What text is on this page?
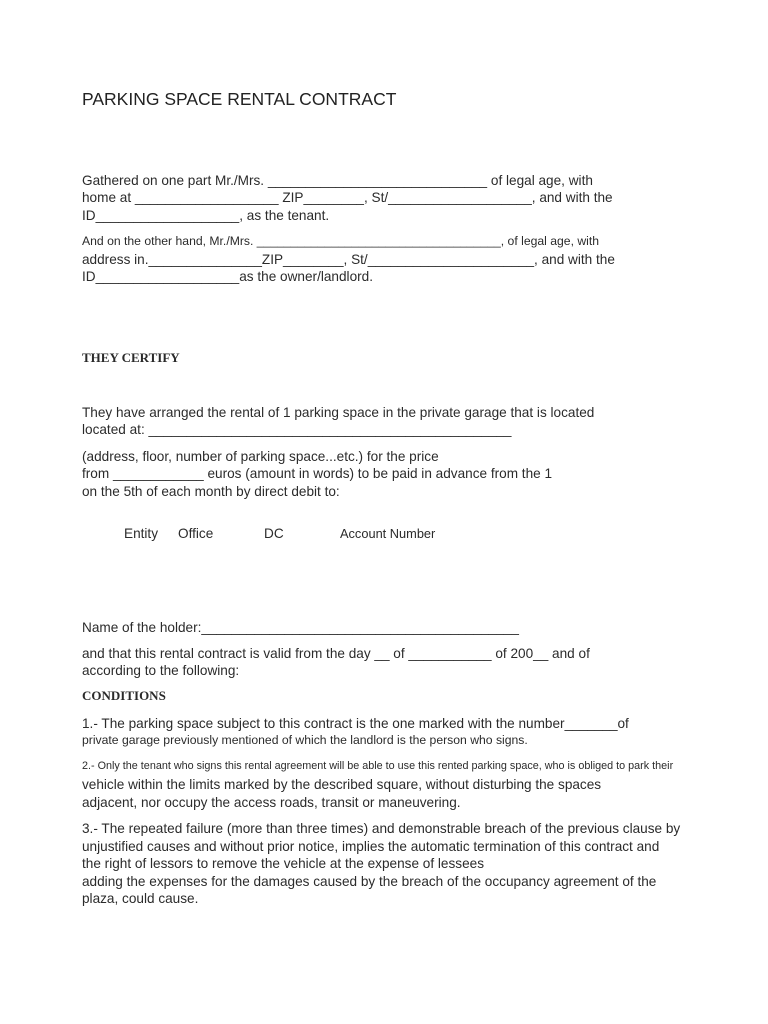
PARKING SPACE RENTAL CONTRACT
Gathered on one part Mr./Mrs. _____________________________ of legal age, with
home at ___________________ ZIP________, St/___________________, and with the
ID___________________, as the tenant.
And on the other hand, Mr./Mrs. ____________________________________, of legal age, with
address in._______________ZIP________, St/______________________, and with the
ID___________________as the owner/landlord.
THEY CERTIFY
They have arranged the rental of 1 parking space in the private garage that is located
located at: ________________________________________________
(address, floor, number of parking space...etc.) for the price
from ____________ euros (amount in words) to be paid in advance from the 1
on the 5th of each month by direct debit to:
Entity Office	DC	Account Number
Name of the holder:__________________________________________
and that this rental contract is valid from the day __ of ___________ of 200__ and of
according to the following:
CONDITIONS
1.- The parking space subject to this contract is the one marked with the number_______of
private garage previously mentioned of which the landlord is the person who signs.
2.- Only the tenant who signs this rental agreement will be able to use this rented parking space, who is obliged to park their
vehicle within the limits marked by the described square, without disturbing the spaces
adjacent, nor occupy the access roads, transit or maneuvering.
3.- The repeated failure (more than three times) and demonstrable breach of the previous clause by
unjustified causes and without prior notice, implies the automatic termination of this contract and
the right of lessors to remove the vehicle at the expense of lessees
adding the expenses for the damages caused by the breach of the occupancy agreement of the
plaza, could cause.
